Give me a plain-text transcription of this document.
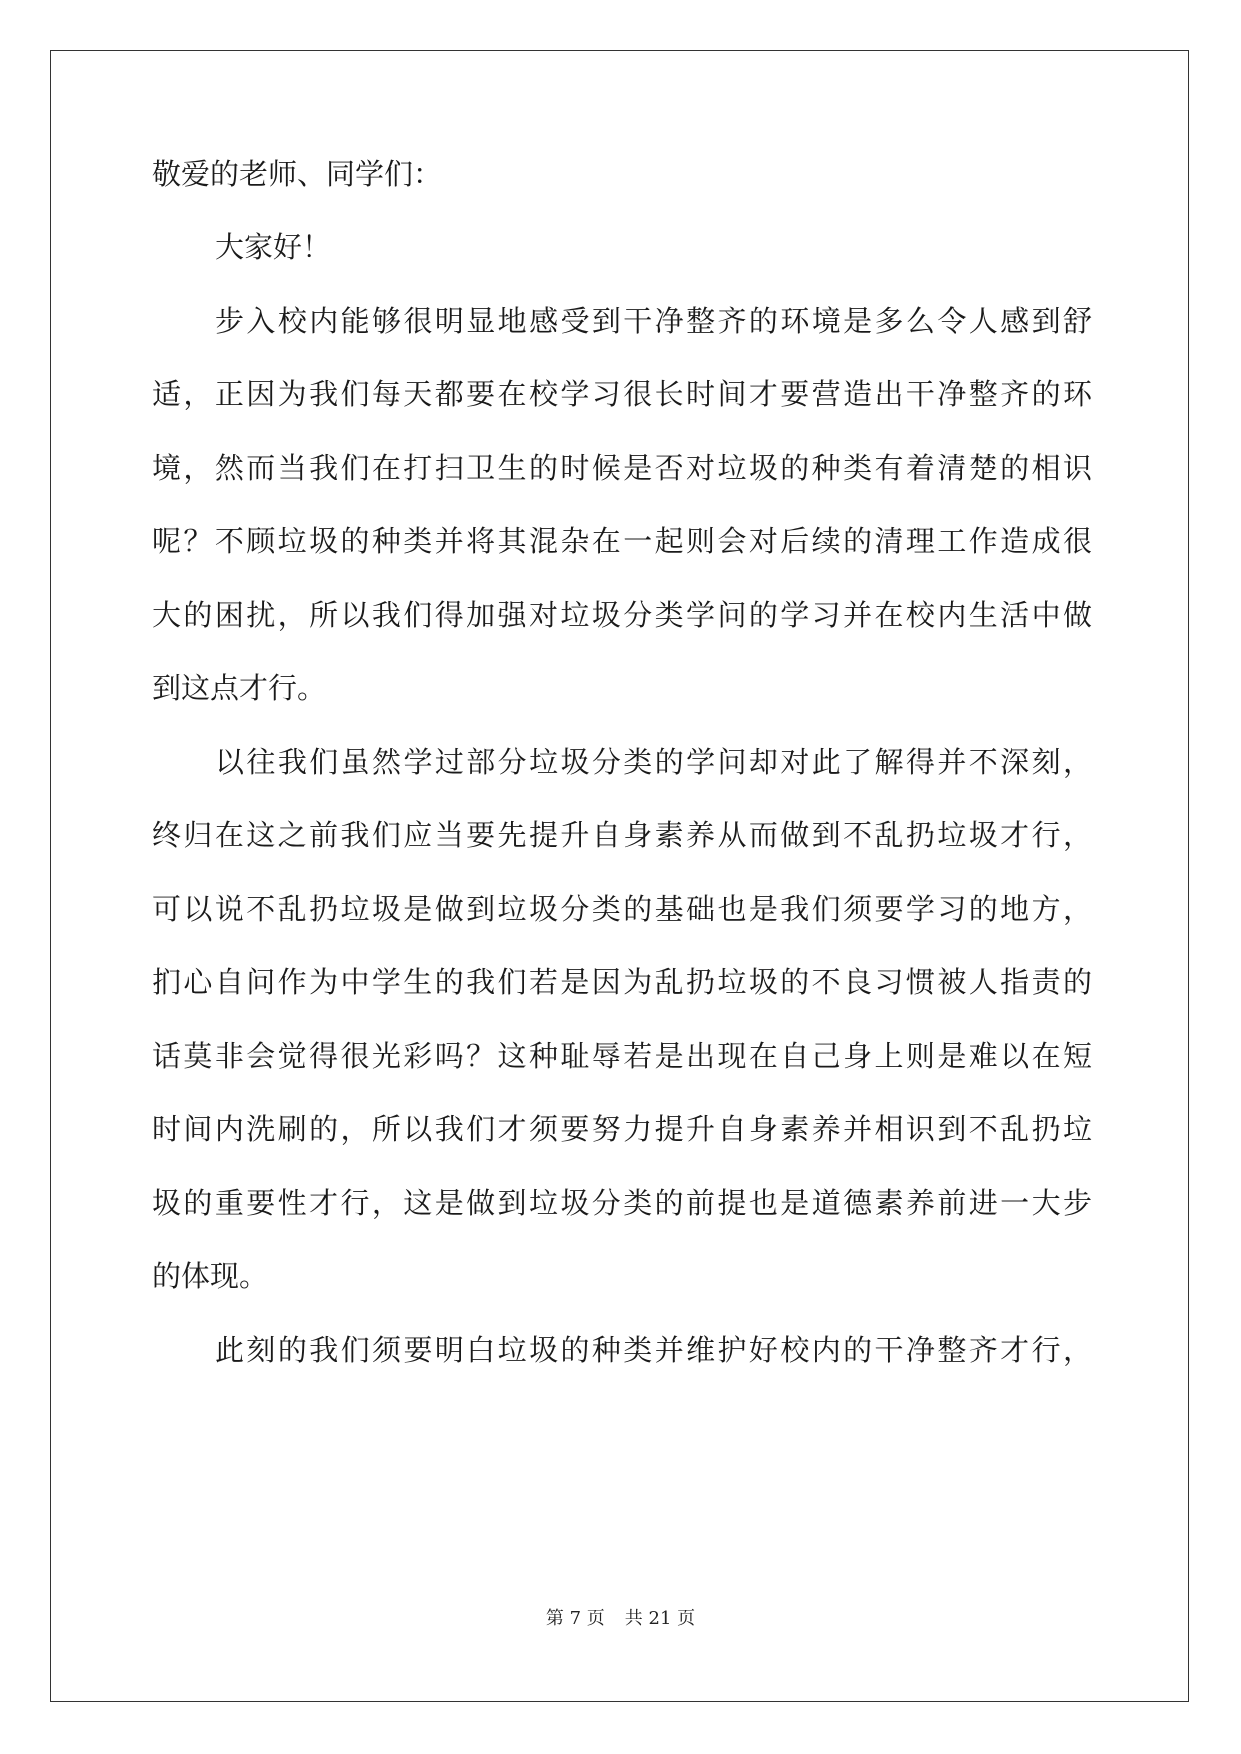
敬爱的老师、同学们：
大家好！
步入校内能够很明显地感受到干净整齐的环境是多么令人感到舒
适，正因为我们每天都要在校学习很长时间才要营造出干净整齐的环
境，然而当我们在打扫卫生的时候是否对垃圾的种类有着清楚的相识
呢？不顾垃圾的种类并将其混杂在一起则会对后续的清理工作造成很
大的困扰，所以我们得加强对垃圾分类学问的学习并在校内生活中做
到这点才行。
以往我们虽然学过部分垃圾分类的学问却对此了解得并不深刻，
终归在这之前我们应当要先提升自身素养从而做到不乱扔垃圾才行，
可以说不乱扔垃圾是做到垃圾分类的基础也是我们须要学习的地方，
扪心自问作为中学生的我们若是因为乱扔垃圾的不良习惯被人指责的
话莫非会觉得很光彩吗？这种耻辱若是出现在自己身上则是难以在短
时间内洗刷的，所以我们才须要努力提升自身素养并相识到不乱扔垃
圾的重要性才行，这是做到垃圾分类的前提也是道德素养前进一大步
的体现。
此刻的我们须要明白垃圾的种类并维护好校内的干净整齐才行，
第 7 页 共 21 页
